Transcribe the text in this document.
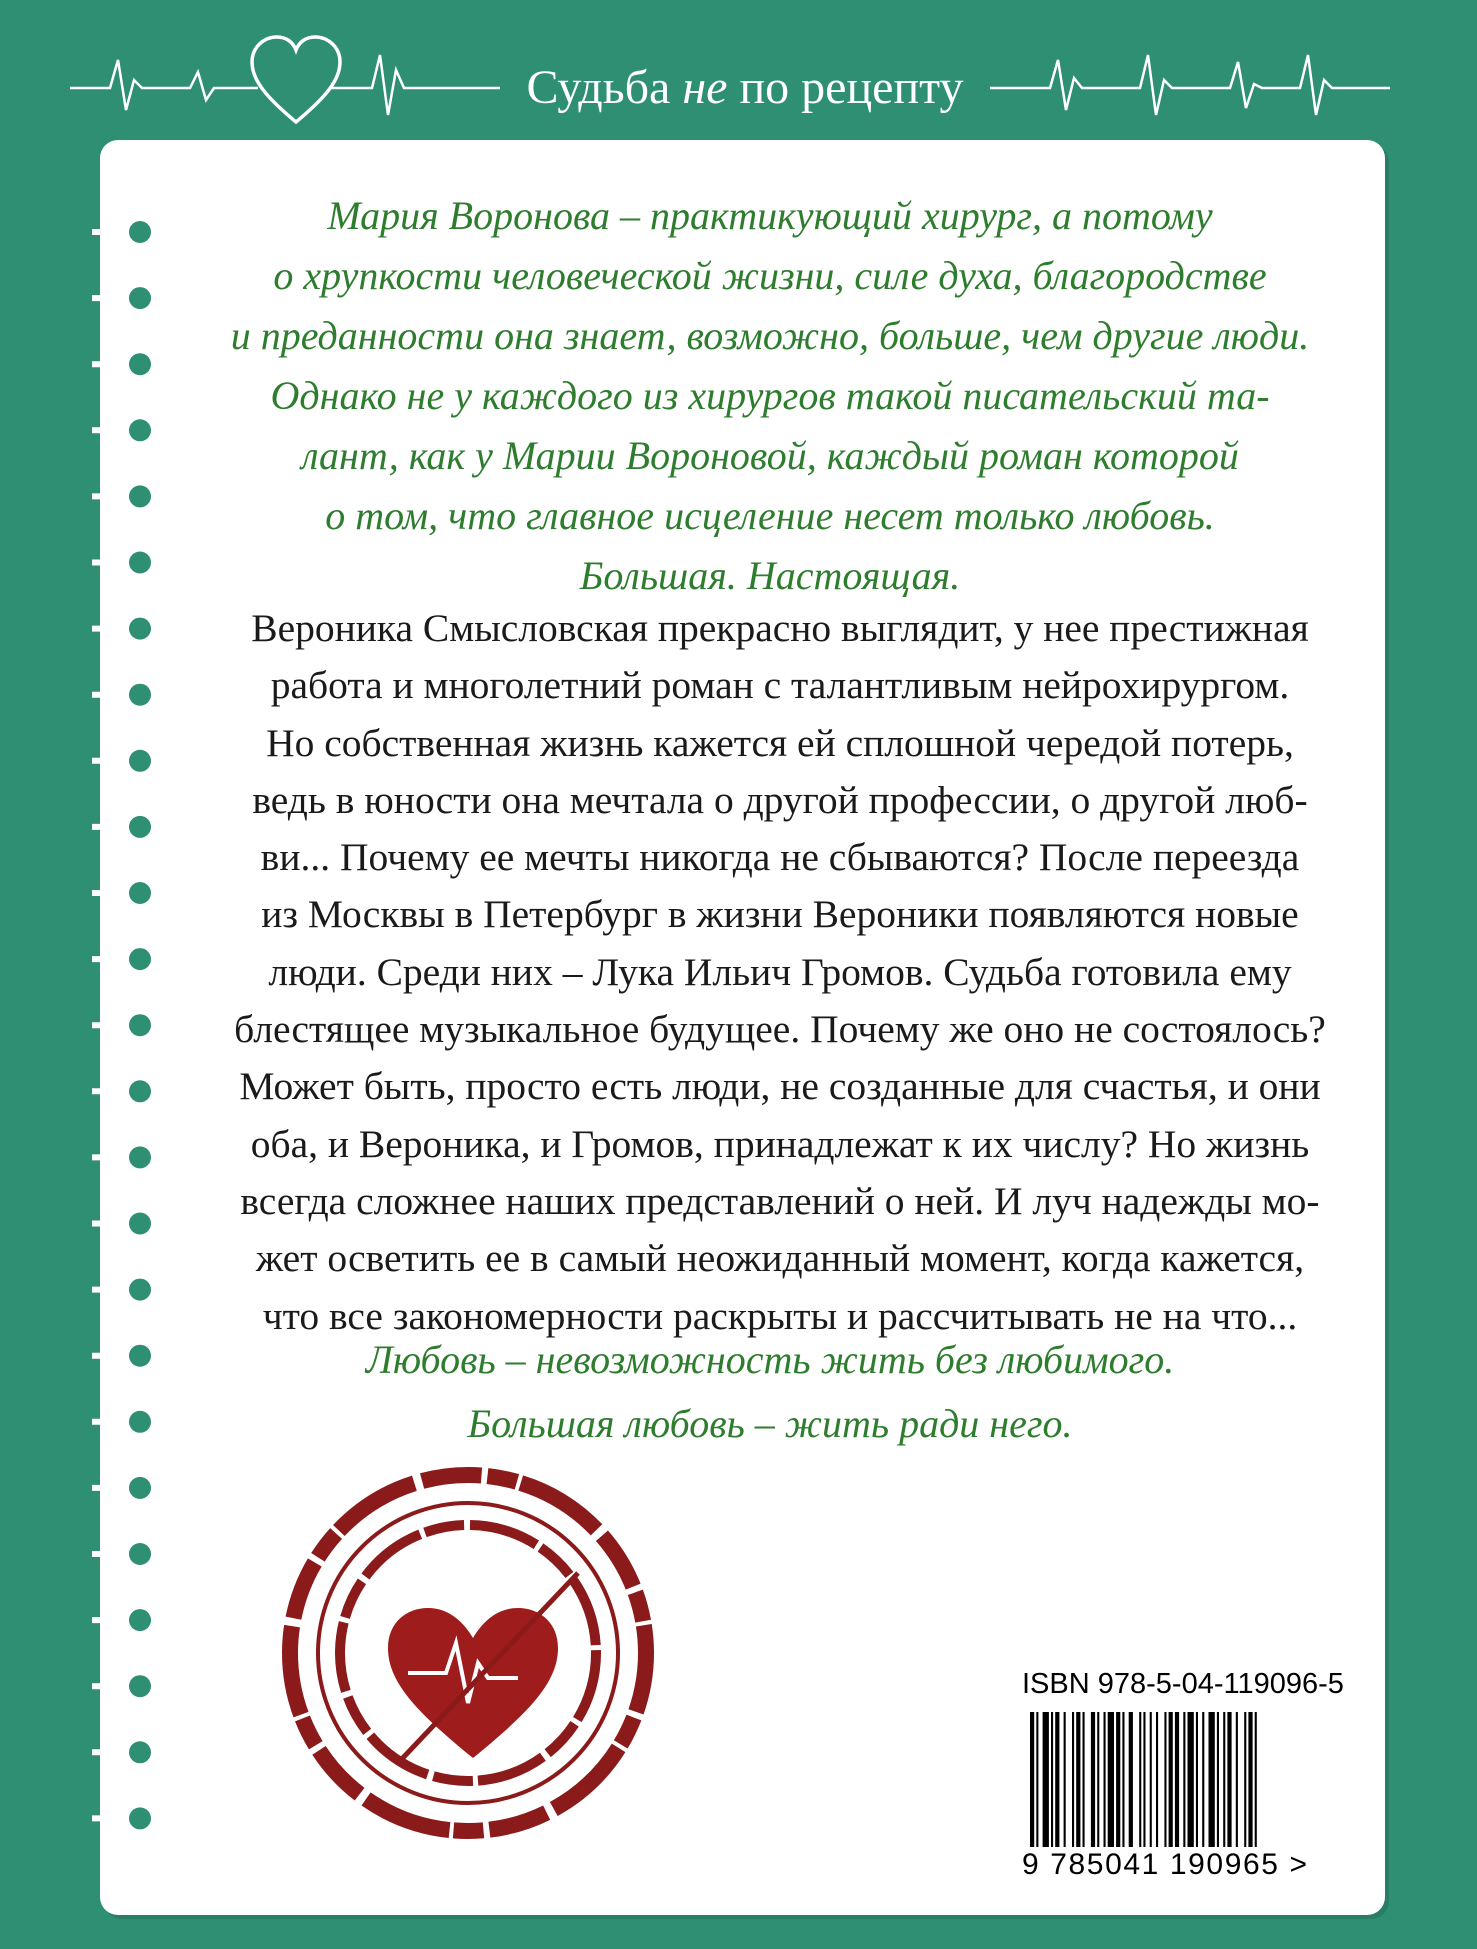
Судьба не по рецепту

Мария Воронова – практикующий хирург, а потому

о хрупкости человеческой жизни, силе духа, благородстве

и преданности она знает, возможно, больше, чем другие люди.

Однако не у каждого из хирургов такой писательский та-

лант, как у Марии Вороновой, каждый роман которой

о том, что главное исцеление несет только любовь.

Большая. Настоящая.

Вероника Смысловская прекрасно выглядит, у нее престижная

работа и многолетний роман с талантливым нейрохирургом.

Но собственная жизнь кажется ей сплошной чередой потерь,

ведь в юности она мечтала о другой профессии, о другой люб-

ви... Почему ее мечты никогда не сбываются? После переезда

из Москвы в Петербург в жизни Вероники появляются новые

люди. Среди них – Лука Ильич Громов. Судьба готовила ему

блестящее музыкальное будущее. Почему же оно не состоялось?

Может быть, просто есть люди, не созданные для счастья, и они

оба, и Вероника, и Громов, принадлежат к их числу? Но жизнь

всегда сложнее наших представлений о ней. И луч надежды мо-

жет осветить ее в самый неожиданный момент, когда кажется,

что все закономерности раскрыты и рассчитывать не на что...

Любовь – невозможность жить без любимого.

Большая любовь – жить ради него.

ISBN 978-5-04-119096-5
9 785041 190965 >
